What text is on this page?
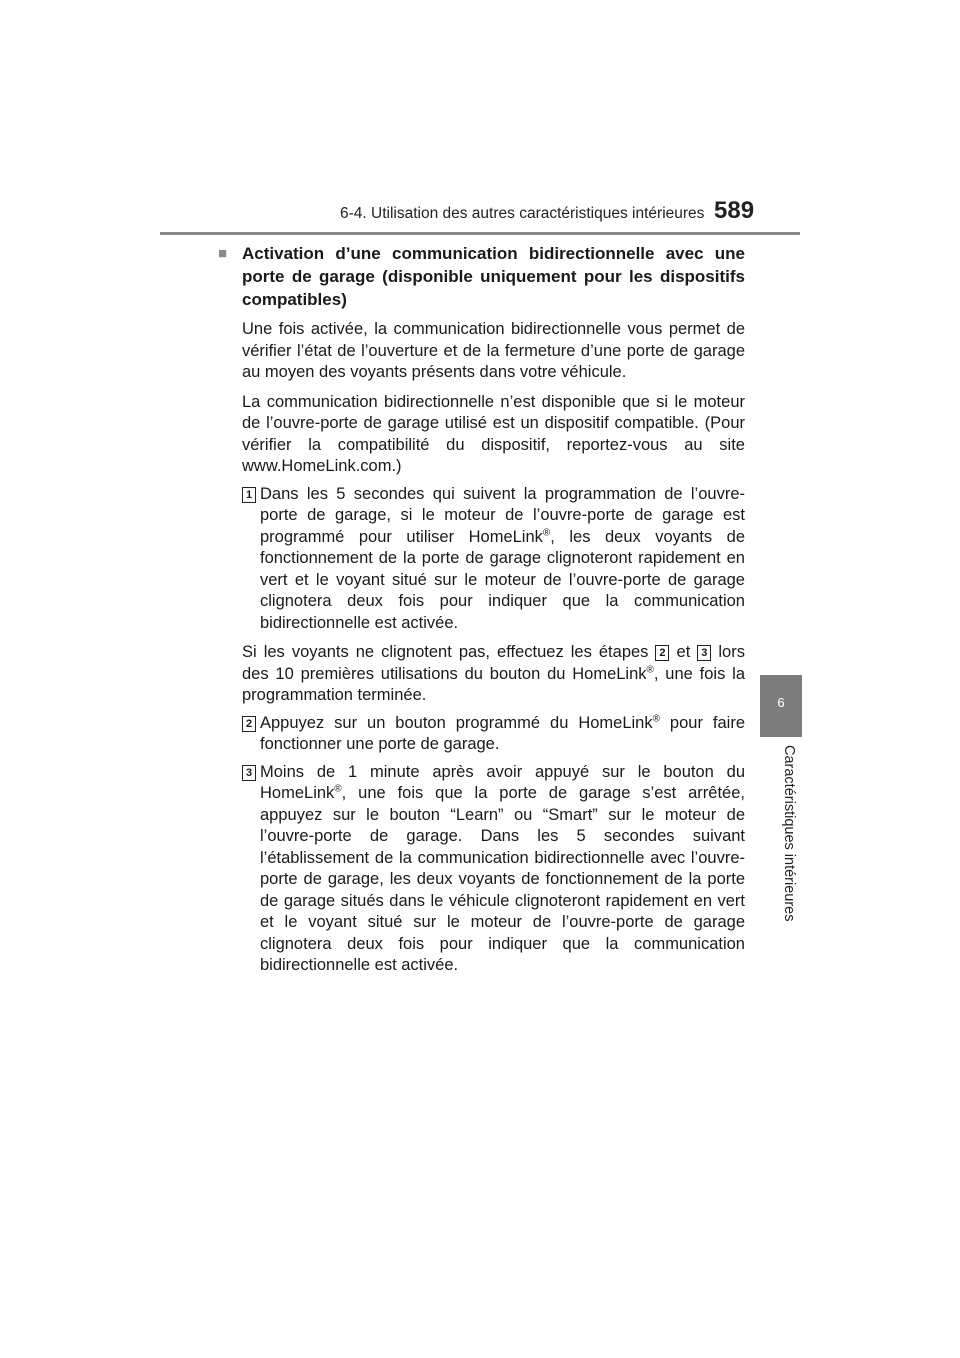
6-4. Utilisation des autres caractéristiques intérieures 589
6
Caractéristiques intérieures
■ Activation d’une communication bidirectionnelle avec une porte de garage (disponible uniquement pour les dispositifs compatibles)

Une fois activée, la communication bidirectionnelle vous permet de vérifier l’état de l’ouverture et de la fermeture d’une porte de garage au moyen des voyants présents dans votre véhicule.

La communication bidirectionnelle n’est disponible que si le moteur de l’ouvre-porte de garage utilisé est un dispositif compatible. (Pour vérifier la compatibilité du dispositif, reportez-vous au site www.HomeLink.com.)

1 Dans les 5 secondes qui suivent la programmation de l’ouvre-porte de garage, si le moteur de l’ouvre-porte de garage est programmé pour utiliser HomeLink®, les deux voyants de fonctionnement de la porte de garage clignoteront rapidement en vert et le voyant situé sur le moteur de l’ouvre-porte de garage clignotera deux fois pour indiquer que la communication bidirectionnelle est activée.

Si les voyants ne clignotent pas, effectuez les étapes 2 et 3 lors des 10 premières utilisations du bouton du HomeLink®, une fois la programmation terminée.

2 Appuyez sur un bouton programmé du HomeLink® pour faire fonctionner une porte de garage.

3 Moins de 1 minute après avoir appuyé sur le bouton du HomeLink®, une fois que la porte de garage s’est arrêtée, appuyez sur le bouton “Learn” ou “Smart” sur le moteur de l’ouvre-porte de garage. Dans les 5 secondes suivant l’établissement de la communication bidirectionnelle avec l’ouvre-porte de garage, les deux voyants de fonctionnement de la porte de garage situés dans le véhicule clignoteront rapidement en vert et le voyant situé sur le moteur de l’ouvre-porte de garage clignotera deux fois pour indiquer que la communication bidirectionnelle est activée.
